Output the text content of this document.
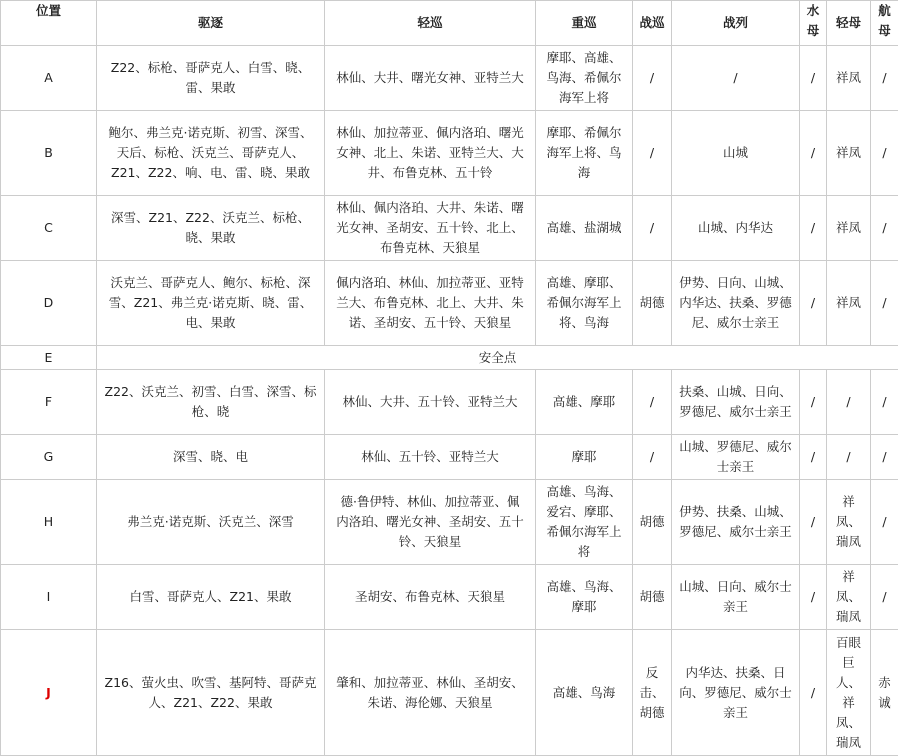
位置	驱逐	轻巡	重巡	战巡	战列	水母	轻母	航母
A	Z22、标枪、哥萨克人、白雪、晓、雷、果敢	林仙、大井、曙光女神、亚特兰大	摩耶、高雄、鸟海、希佩尔海军上将	/	/	/	祥凤	/
B	鲍尔、弗兰克·诺克斯、初雪、深雪、天后、标枪、沃克兰、哥萨克人、Z21、Z22、响、电、雷、晓、果敢	林仙、加拉蒂亚、佩内洛珀、曙光女神、北上、朱诺、亚特兰大、大井、布鲁克林、五十铃	摩耶、希佩尔海军上将、鸟海	/	山城	/	祥凤	/
C	深雪、Z21、Z22、沃克兰、标枪、晓、果敢	林仙、佩内洛珀、大井、朱诺、曙光女神、圣胡安、五十铃、北上、布鲁克林、天狼星	高雄、盐湖城	/	山城、内华达	/	祥凤	/
D	沃克兰、哥萨克人、鲍尔、标枪、深雪、Z21、弗兰克·诺克斯、晓、雷、电、果敢	佩内洛珀、林仙、加拉蒂亚、亚特兰大、布鲁克林、北上、大井、朱诺、圣胡安、五十铃、天狼星	高雄、摩耶、希佩尔海军上将、鸟海	胡德	伊势、日向、山城、内华达、扶桑、罗德尼、威尔士亲王	/	祥凤	/
E	安全点							
F	Z22、沃克兰、初雪、白雪、深雪、标枪、晓	林仙、大井、五十铃、亚特兰大	高雄、摩耶	/	扶桑、山城、日向、罗德尼、威尔士亲王	/	/	/
G	深雪、晓、电	林仙、五十铃、亚特兰大	摩耶	/	山城、罗德尼、威尔士亲王	/	/	/
H	弗兰克·诺克斯、沃克兰、深雪	德·鲁伊特、林仙、加拉蒂亚、佩内洛珀、曙光女神、圣胡安、五十铃、天狼星	高雄、鸟海、爱宕、摩耶、希佩尔海军上将	胡德	伊势、扶桑、山城、罗德尼、威尔士亲王	/	祥凤、瑞凤	/
I	白雪、哥萨克人、Z21、果敢	圣胡安、布鲁克林、天狼星	高雄、鸟海、摩耶	胡德	山城、日向、威尔士亲王	/	祥凤、瑞凤	/
J	Z16、萤火虫、吹雪、基阿特、哥萨克人、Z21、Z22、果敢	肇和、加拉蒂亚、林仙、圣胡安、朱诺、海伦娜、天狼星	高雄、鸟海	反击、胡德	内华达、扶桑、日向、罗德尼、威尔士亲王	/	百眼巨人、祥凤、瑞凤	赤诚
